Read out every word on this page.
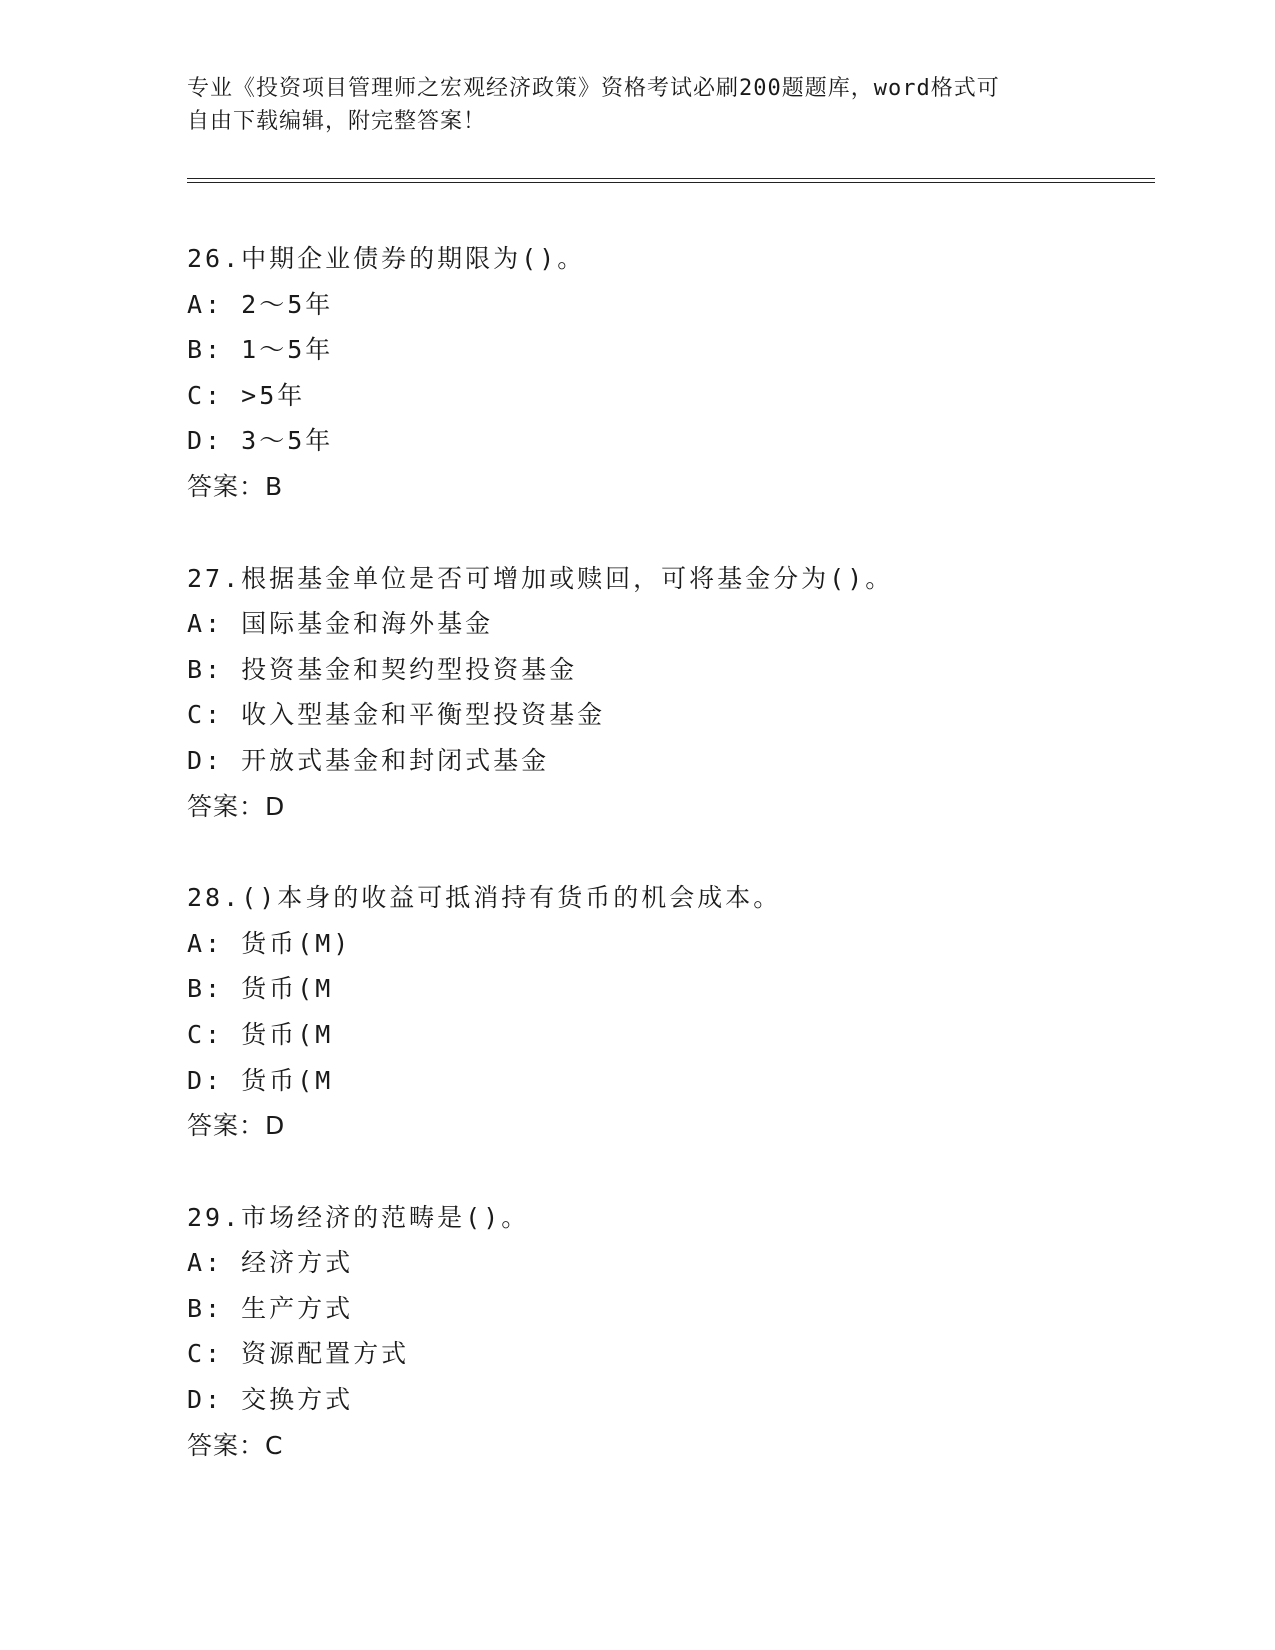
专业《投资项目管理师之宏观经济政策》资格考试必刷200题题库，word格式可
自由下载编辑，附完整答案！
26.中期企业债券的期限为()。
A: 2～5年
B: 1～5年
C: >5年
D: 3～5年
答案：B
27.根据基金单位是否可增加或赎回，可将基金分为()。
A: 国际基金和海外基金
B: 投资基金和契约型投资基金
C: 收入型基金和平衡型投资基金
D: 开放式基金和封闭式基金
答案：D
28.()本身的收益可抵消持有货币的机会成本。
A: 货币(M)
B: 货币(M
C: 货币(M
D: 货币(M
答案：D
29.市场经济的范畴是()。
A: 经济方式
B: 生产方式
C: 资源配置方式
D: 交换方式
答案：C
